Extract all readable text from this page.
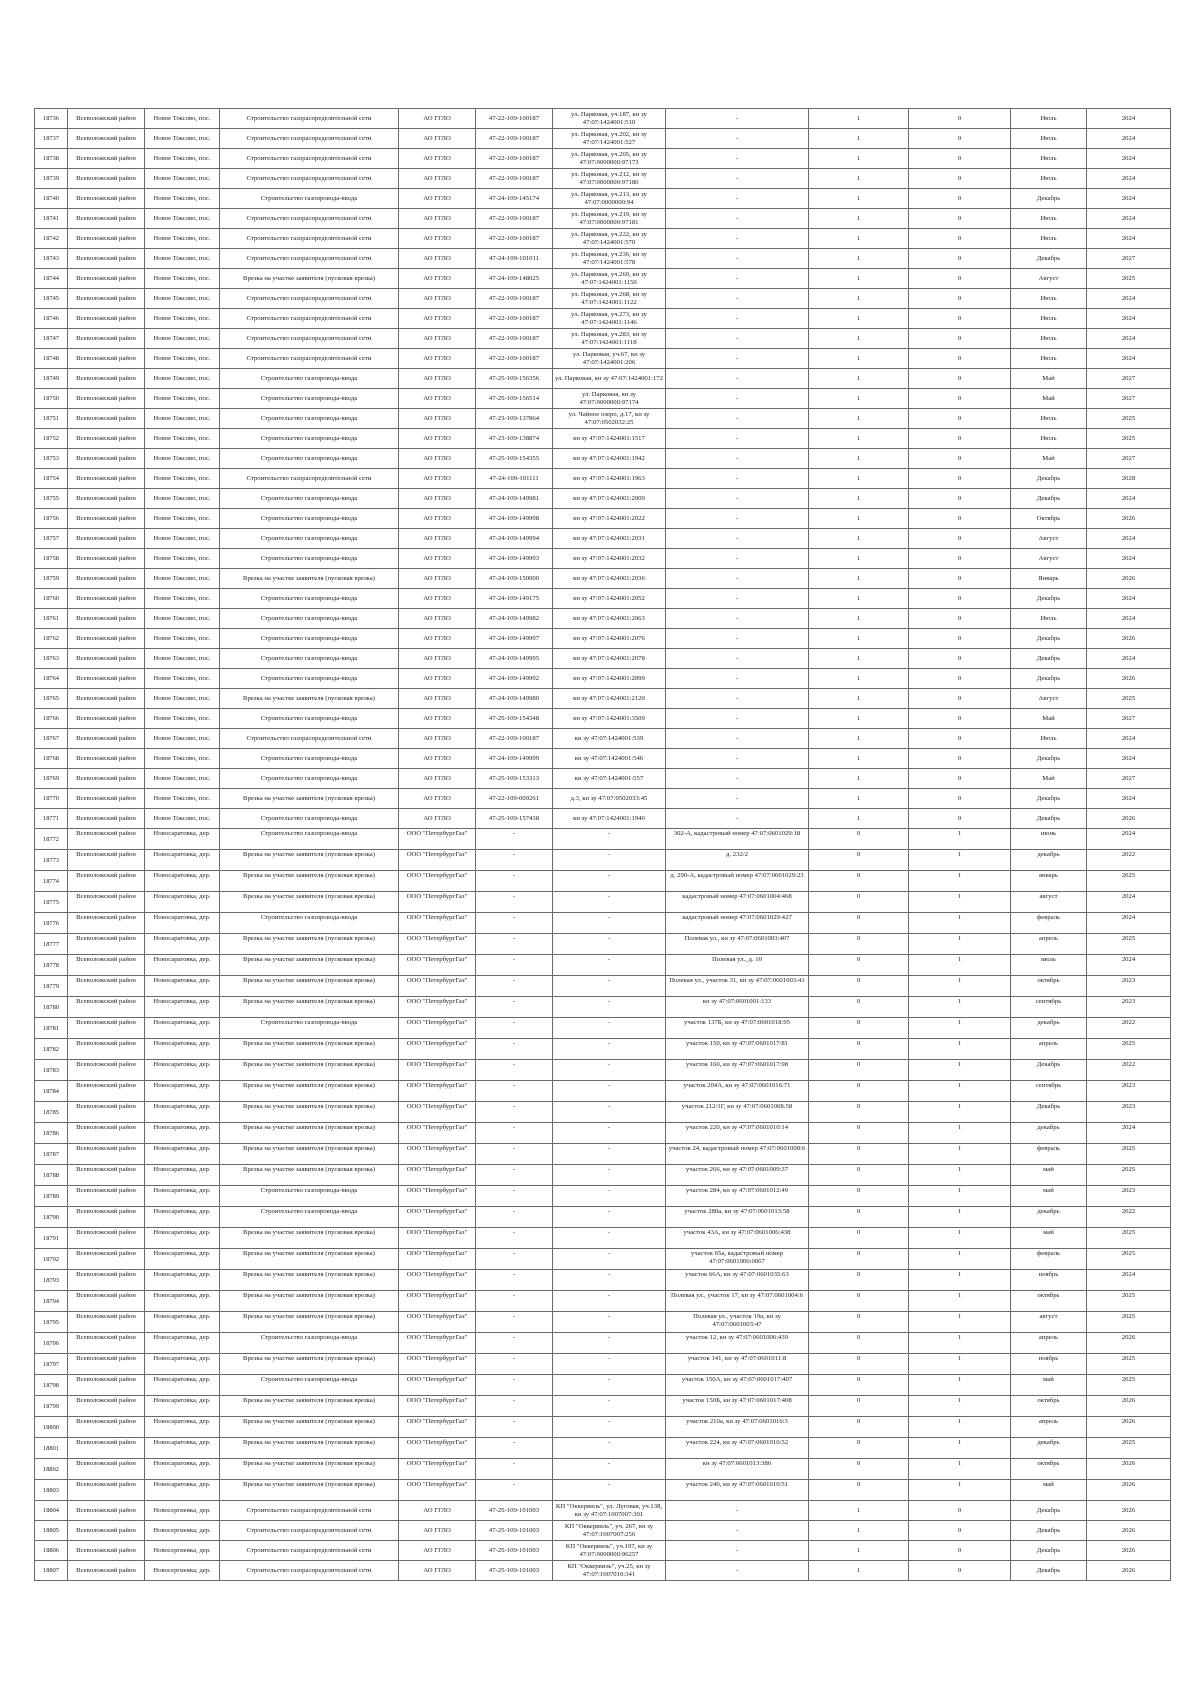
18736	Всеволожский район	Новое Токсово, пос.	Строительство газораспределительной сети	АО ГГЛО	47-22-109-100187	ул. Парковая, уч.187, кн зу 47:07:1424001:510	-	1	0	Июль	2024
18737	Всеволожский район	Новое Токсово, пос.	Строительство газораспределительной сети	АО ГГЛО	47-22-109-100187	ул. Парковая, уч.202, кн зу 47:07:1424001:527	-	1	0	Июль	2024
18738	Всеволожский район	Новое Токсово, пос.	Строительство газораспределительной сети	АО ГГЛО	47-22-109-100187	ул. Парковая, уч.205, кн зу 47:07:0000000:97173	-	1	0	Июль	2024
18739	Всеволожский район	Новое Токсово, пос.	Строительство газораспределительной сети	АО ГГЛО	47-22-109-100187	ул. Парковая, уч.212, кн зу 47:07:0000000:97180	-	1	0	Июль	2024
18740	Всеволожский район	Новое Токсово, пос.	Строительство газопровода-ввода	АО ГГЛО	47-24-109-145174	ул. Парковая, уч.213, кн зу 47:07:0000000:94	-	1	0	Декабрь	2024
18741	Всеволожский район	Новое Токсово, пос.	Строительство газораспределительной сети	АО ГГЛО	47-22-109-100187	ул. Парковая, уч.219, кн зу 47:07:0000000:97181	-	1	0	Июль	2024
18742	Всеволожский район	Новое Токсово, пос.	Строительство газораспределительной сети	АО ГГЛО	47-22-109-100187	ул. Парковая, уч.222, кн зу 47:07:1424001:570	-	1	0	Июль	2024
18743	Всеволожский район	Новое Токсово, пос.	Строительство газораспределительной сети	АО ГГЛО	47-24-109-101011	ул. Парковая, уч.236, кн зу 47:07:1424001:578	-	1	0	Декабрь	2027
18744	Всеволожский район	Новое Токсово, пос.	Врезка на участке заявителя (пусковая врезка)	АО ГГЛО	47-24-109-148025	ул. Парковая, уч.260, кн зу 47:07:1424001:1150	-	1	0	Август	2025
18745	Всеволожский район	Новое Токсово, пос.	Строительство газораспределительной сети	АО ГГЛО	47-22-109-100187	ул. Парковая, уч.268, кн зу 47:07:1424001:1122	-	1	0	Июль	2024
18746	Всеволожский район	Новое Токсово, пос.	Строительство газораспределительной сети	АО ГГЛО	47-22-109-100187	ул. Парковая, уч.273, кн зу 47:07:1424001:1146	-	1	0	Июль	2024
18747	Всеволожский район	Новое Токсово, пос.	Строительство газораспределительной сети	АО ГГЛО	47-22-109-100187	ул. Парковая, уч.283, кн зу 47:07:1424001:1118	-	1	0	Июль	2024
18748	Всеволожский район	Новое Токсово, пос.	Строительство газораспределительной сети	АО ГГЛО	47-22-109-100187	ул. Парковая, уч.67, кн зу 47:07:1424001:206	-	1	0	Июль	2024
18749	Всеволожский район	Новое Токсово, пос.	Строительство газопровода-ввода	АО ГГЛО	47-25-109-156356	ул. Парковая, кн зу 47:07:1424001:172	-	1	0	Май	2027
18750	Всеволожский район	Новое Токсово, пос.	Строительство газопровода-ввода	АО ГГЛО	47-25-109-156514	ул. Парковая, кн зу 47:07:0000000:97174	-	1	0	Май	2027
18751	Всеволожский район	Новое Токсово, пос.	Строительство газопровода-ввода	АО ГГЛО	47-23-109-137864	ул. Чайное озеро, д.17, кн зу 47:07:0502032:25	-	1	0	Июль	2025
18752	Всеволожский район	Новое Токсово, пос.	Строительство газопровода-ввода	АО ГГЛО	47-23-109-138874	кн зу 47:07:1424001:1517	-	1	0	Июль	2025
18753	Всеволожский район	Новое Токсово, пос.	Строительство газопровода-ввода	АО ГГЛО	47-25-109-154355	кн зу 47:07:1424001:1942	-	1	0	Май	2027
18754	Всеволожский район	Новое Токсово, пос.	Строительство газораспределительной сети	АО ГГЛО	47-24-109-101111	кн зу 47:07:1424001:1963	-	1	0	Декабрь	2028
18755	Всеволожский район	Новое Токсово, пос.	Строительство газопровода-ввода	АО ГГЛО	47-24-109-149981	кн зу 47:07:1424001:2009	-	1	0	Декабрь	2024
18756	Всеволожский район	Новое Токсово, пос.	Строительство газопровода-ввода	АО ГГЛО	47-24-109-149998	кн зу 47:07:1424001:2022	-	1	0	Октябрь	2026
18757	Всеволожский район	Новое Токсово, пос.	Строительство газопровода-ввода	АО ГГЛО	47-24-109-149994	кн зу 47:07:1424001:2031	-	1	0	Август	2024
18758	Всеволожский район	Новое Токсово, пос.	Строительство газопровода-ввода	АО ГГЛО	47-24-109-149993	кн зу 47:07:1424001:2032	-	1	0	Август	2024
18759	Всеволожский район	Новое Токсово, пос.	Врезка на участке заявителя (пусковая врезка)	АО ГГЛО	47-24-109-150000	кн зу 47:07:1424001:2036	-	1	0	Январь	2026
18760	Всеволожский район	Новое Токсово, пос.	Строительство газопровода-ввода	АО ГГЛО	47-24-109-149175	кн зу 47:07:1424001:2052	-	1	0	Декабрь	2024
18761	Всеволожский район	Новое Токсово, пос.	Строительство газопровода-ввода	АО ГГЛО	47-24-109-149982	кн зу 47:07:1424001:2063	-	1	0	Июль	2024
18762	Всеволожский район	Новое Токсово, пос.	Строительство газопровода-ввода	АО ГГЛО	47-24-109-149997	кн зу 47:07:1424001:2076	-	1	0	Декабрь	2026
18763	Всеволожский район	Новое Токсово, пос.	Строительство газопровода-ввода	АО ГГЛО	47-24-109-149995	кн зу 47:07:1424001:2078	-	1	0	Декабрь	2024
18764	Всеволожский район	Новое Токсово, пос.	Строительство газопровода-ввода	АО ГГЛО	47-24-109-149992	кн зу 47:07:1424001:2099	-	1	0	Декабрь	2026
18765	Всеволожский район	Новое Токсово, пос.	Врезка на участке заявителя (пусковая врезка)	АО ГГЛО	47-24-109-149980	кн зу 47:07:1424001:2120	-	1	0	Август	2025
18766	Всеволожский район	Новое Токсово, пос.	Строительство газопровода-ввода	АО ГГЛО	47-25-109-154348	кн зу 47:07:1424001:3509	-	1	0	Май	2027
18767	Всеволожский район	Новое Токсово, пос.	Строительство газораспределительной сети	АО ГГЛО	47-22-109-100187	кн зу 47:07:1424001:539	-	1	0	Июль	2024
18768	Всеволожский район	Новое Токсово, пос.	Строительство газопровода-ввода	АО ГГЛО	47-24-109-149999	кн зу 47:07:1424001:546	-	1	0	Декабрь	2024
18769	Всеволожский район	Новое Токсово, пос.	Строительство газопровода-ввода	АО ГГЛО	47-25-109-153313	кн зу 47:07:1424001:557	-	1	0	Май	2027
18770	Всеволожский район	Новое Токсово, пос.	Врезка на участке заявителя (пусковая врезка)	АО ГГЛО	47-22-109-009261	д.3, кн зу 47:07:0502033:45	-	1	0	Декабрь	2024
18771	Всеволожский район	Новое Токсово, пос.	Строительство газопровода-ввода	АО ГГЛО	47-25-109-157438	кн зу 47:07:1424001:1940	-	1	0	Декабрь	2026
18772	Всеволожский район	Новосаратовка, дер.	Строительство газопровода-ввода	ООО "ПетербургГаз"	-	-	302-А, кадастровый номер 47:07:0601029:18	0	1	июнь	2024
18773	Всеволожский район	Новосаратовка, дер.	Врезка на участке заявителя (пусковая врезка)	ООО "ПетербургГаз"	-	-	д. 232/2	0	1	декабрь	2022
18774	Всеволожский район	Новосаратовка, дер.	Врезка на участке заявителя (пусковая врезка)	ООО "ПетербургГаз"	-	-	д. 290-А, кадастровый номер 47:07:0601029:23	0	1	январь	2025
18775	Всеволожский район	Новосаратовка, дер.	Врезка на участке заявителя (пусковая врезка)	ООО "ПетербургГаз"	-	-	кадастровый номер 47:07:0601004:468	0	1	август	2024
18776	Всеволожский район	Новосаратовка, дер.	Строительство газопровода-ввода	ООО "ПетербургГаз"	-	-	кадастровый номер 47:07:0601029:427	0	1	февраль	2024
18777	Всеволожский район	Новосаратовка, дер.	Врезка на участке заявителя (пусковая врезка)	ООО "ПетербургГаз"	-	-	Полевая ул., кн зу 47:07:0601003:407	0	1	апрель	2025
18778	Всеволожский район	Новосаратовка, дер.	Врезка на участке заявителя (пусковая врезка)	ООО "ПетербургГаз"	-	-	Полевая ул., д. 10	0	1	июль	2024
18779	Всеволожский район	Новосаратовка, дер.	Врезка на участке заявителя (пусковая врезка)	ООО "ПетербургГаз"	-	-	Полевая ул., участок 31, кн зу 47:07:0601003:41	0	1	октябрь	2023
18780	Всеволожский район	Новосаратовка, дер.	Врезка на участке заявителя (пусковая врезка)	ООО "ПетербургГаз"	-	-	кн зу 47:07:0601001:133	0	1	сентябрь	2023
18781	Всеволожский район	Новосаратовка, дер.	Строительство газопровода-ввода	ООО "ПетербургГаз"	-	-	участок 137Б, кн зу 47:07:0601018:95	0	1	декабрь	2022
18782	Всеволожский район	Новосаратовка, дер.	Врезка на участке заявителя (пусковая врезка)	ООО "ПетербургГаз"	-	-	участок 150, кн зу 47:07:0601017:81	0	1	апрель	2025
18783	Всеволожский район	Новосаратовка, дер.	Врезка на участке заявителя (пусковая врезка)	ООО "ПетербургГаз"	-	-	участок 160, кн зу 47:07:0601017:98	0	1	Декабрь	2022
18784	Всеволожский район	Новосаратовка, дер.	Врезка на участке заявителя (пусковая врезка)	ООО "ПетербургГаз"	-	-	участок 204А, кн зу 47:07:0601016:71	0	1	сентябрь	2023
18785	Всеволожский район	Новосаратовка, дер.	Врезка на участке заявителя (пусковая врезка)	ООО "ПетербургГаз"	-	-	участок 212/1Г, кн зу 47:07:0601008:58	0	1	Декабрь	2023
18786	Всеволожский район	Новосаратовка, дер.	Врезка на участке заявителя (пусковая врезка)	ООО "ПетербургГаз"	-	-	участок 220, кн зу 47:07:0601010:14	0	1	декабрь	2024
18787	Всеволожский район	Новосаратовка, дер.	Врезка на участке заявителя (пусковая врезка)	ООО "ПетербургГаз"	-	-	участок 24, кадастровый номер 47:07:0601008:6	0	1	февраль	2025
18788	Всеволожский район	Новосаратовка, дер.	Врезка на участке заявителя (пусковая врезка)	ООО "ПетербургГаз"	-	-	участок 266, кн зу 47:07:0601009:37	0	1	май	2025
18789	Всеволожский район	Новосаратовка, дер.	Строительство газопровода-ввода	ООО "ПетербургГаз"	-	-	участок 284, кн зу 47:07:0601012:49	0	1	май	2023
18790	Всеволожский район	Новосаратовка, дер.	Строительство газопровода-ввода	ООО "ПетербургГаз"	-	-	участок 280а, кн зу 47:07:0601013:58	0	1	декабрь	2022
18791	Всеволожский район	Новосаратовка, дер.	Врезка на участке заявителя (пусковая врезка)	ООО "ПетербургГаз"	-	-	участок 43А, кн зу 47:07:0601006:438	0	1	май	2025
18792	Всеволожский район	Новосаратовка, дер.	Врезка на участке заявителя (пусковая врезка)	ООО "ПетербургГаз"	-	-	участок 65а, кадастровый номер 47:07:0601006:0067	0	1	февраль	2025
18793	Всеволожский район	Новосаратовка, дер.	Врезка на участке заявителя (пусковая врезка)	ООО "ПетербургГаз"	-	-	участок 66А, кн зу 47:07:0601035:63	0	1	ноябрь	2024
18794	Всеволожский район	Новосаратовка, дер.	Врезка на участке заявителя (пусковая врезка)	ООО "ПетербургГаз"	-	-	Полевая ул., участок 17, кн зу 47:07:0601004:6	0	1	октябрь	2025
18795	Всеволожский район	Новосаратовка, дер.	Врезка на участке заявителя (пусковая врезка)	ООО "ПетербургГаз"	-	-	Полевая ул., участок 19а, кн зу 47:07:0601003:47	0	1	август	2025
18796	Всеволожский район	Новосаратовка, дер.	Строительство газопровода-ввода	ООО "ПетербургГаз"	-	-	участок 12, кн зу 47:07:0601006:439	0	1	апрель	2026
18797	Всеволожский район	Новосаратовка, дер.	Врезка на участке заявителя (пусковая врезка)	ООО "ПетербургГаз"	-	-	участок 141, кн зу 47:07:0601011:8	0	1	ноябрь	2025
18798	Всеволожский район	Новосаратовка, дер.	Строительство газопровода-ввода	ООО "ПетербургГаз"	-	-	участок 150А, кн зу 47:07:0601017:407	0	1	май	2025
18799	Всеволожский район	Новосаратовка, дер.	Врезка на участке заявителя (пусковая врезка)	ООО "ПетербургГаз"	-	-	участок 150Б, кн зу 47:07:0601017:408	0	1	октябрь	2026
18800	Всеволожский район	Новосаратовка, дер.	Врезка на участке заявителя (пусковая врезка)	ООО "ПетербургГаз"	-	-	участок 210а, кн зу 47:07:0601016:3	0	1	апрель	2026
18801	Всеволожский район	Новосаратовка, дер.	Врезка на участке заявителя (пусковая врезка)	ООО "ПетербургГаз"	-	-	участок 224, кн зу 47:07:0601010:52	0	1	декабрь	2025
18802	Всеволожский район	Новосаратовка, дер.	Врезка на участке заявителя (пусковая врезка)	ООО "ПетербургГаз"	-	-	кн зу 47:07:0601013:386	0	1	октябрь	2026
18803	Всеволожский район	Новосаратовка, дер.	Врезка на участке заявителя (пусковая врезка)	ООО "ПетербургГаз"	-	-	участок 240, кн зу 47:07:0601010:51	0	1	май	2026
18804	Всеволожский район	Новосергиевка, дер.	Строительство газораспределительной сети	АО ГГЛО	47-25-109-101003	КП "Оккервиль", ул. Луговая, уч.138, кн зу 47:07:1007007:301	-	1	0	Декабрь	2026
18805	Всеволожский район	Новосергиевка, дер.	Строительство газораспределительной сети	АО ГГЛО	47-25-109-101003	КП "Оккервиль", уч. 267, кн зу 47:07:1007007:256	-	1	0	Декабрь	2026
18806	Всеволожский район	Новосергиевка, дер.	Строительство газораспределительной сети	АО ГГЛО	47-25-109-101003	КП "Оккервиль", уч.197, кн зу 47:07:0000000:96257	-	1	0	Декабрь	2026
18807	Всеволожский район	Новосергиевка, дер.	Строительство газораспределительной сети	АО ГГЛО	47-25-109-101003	КП "Оккервиль", уч.25, кн зу 47:07:1007010:341	-	1	0	Декабрь	2026
